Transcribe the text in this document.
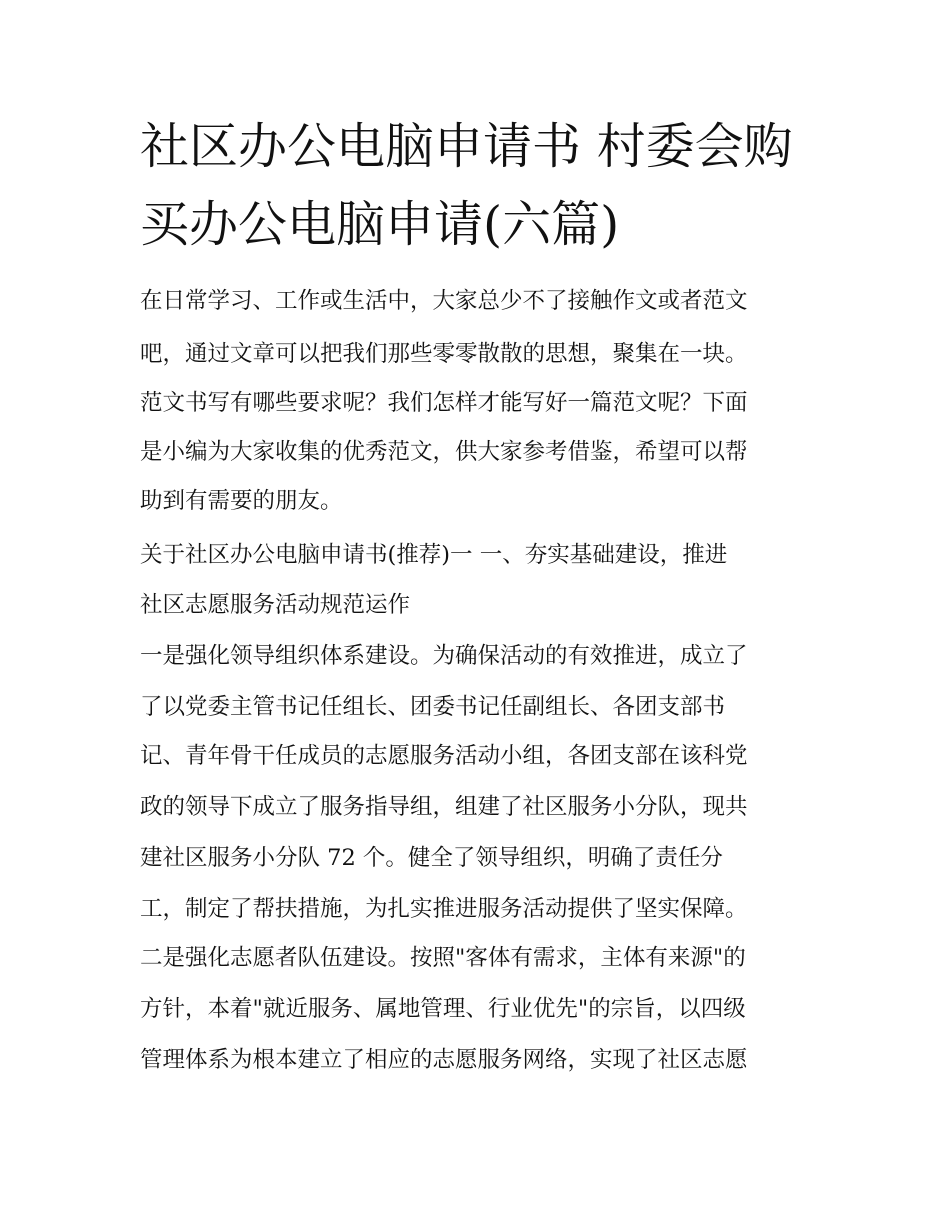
社区办公电脑申请书 村委会购
买办公电脑申请(六篇)

在日常学习、工作或生活中，大家总少不了接触作文或者范文

吧，通过文章可以把我们那些零零散散的思想，聚集在一块。

范文书写有哪些要求呢？我们怎样才能写好一篇范文呢？下面

是小编为大家收集的优秀范文，供大家参考借鉴，希望可以帮

助到有需要的朋友。

关于社区办公电脑申请书(推荐)一 一、夯实基础建设，推进

社区志愿服务活动规范运作

一是强化领导组织体系建设。为确保活动的有效推进，成立了

了以党委主管书记任组长、团委书记任副组长、各团支部书

记、青年骨干任成员的志愿服务活动小组，各团支部在该科党

政的领导下成立了服务指导组，组建了社区服务小分队，现共

建社区服务小分队 72 个。健全了领导组织，明确了责任分

工，制定了帮扶措施，为扎实推进服务活动提供了坚实保障。

二是强化志愿者队伍建设。按照"客体有需求，主体有来源"的

方针，本着"就近服务、属地管理、行业优先"的宗旨，以四级

管理体系为根本建立了相应的志愿服务网络，实现了社区志愿
